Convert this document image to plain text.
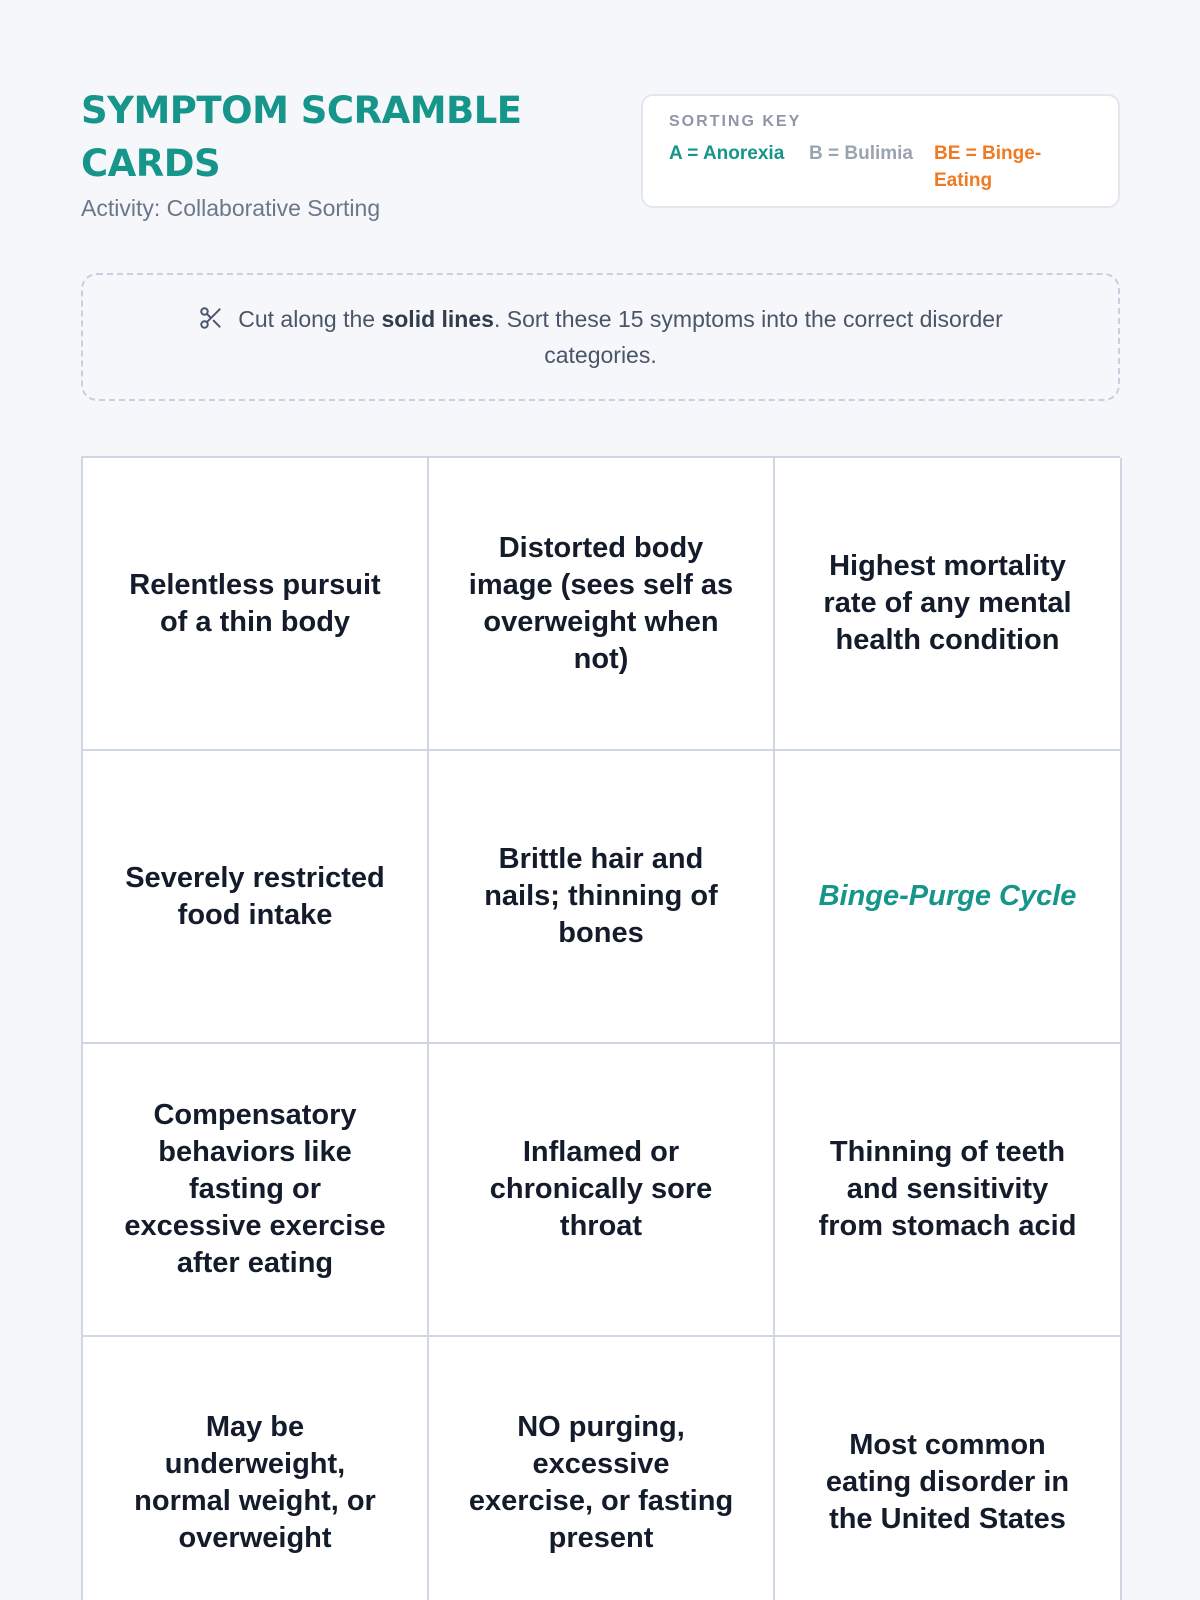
SYMPTOM SCRAMBLE CARDS
Activity: Collaborative Sorting
SORTING KEY
A = Anorexia	B = Bulimia	BE = Binge-Eating
Cut along the solid lines. Sort these 15 symptoms into the correct disorder categories.
Relentless pursuit of a thin body
Distorted body image (sees self as overweight when not)
Highest mortality rate of any mental health condition
Severely restricted food intake
Brittle hair and nails; thinning of bones
Binge-Purge Cycle
Compensatory behaviors like fasting or excessive exercise after eating
Inflamed or chronically sore throat
Thinning of teeth and sensitivity from stomach acid
May be underweight, normal weight, or overweight
NO purging, excessive exercise, or fasting present
Most common eating disorder in the United States
